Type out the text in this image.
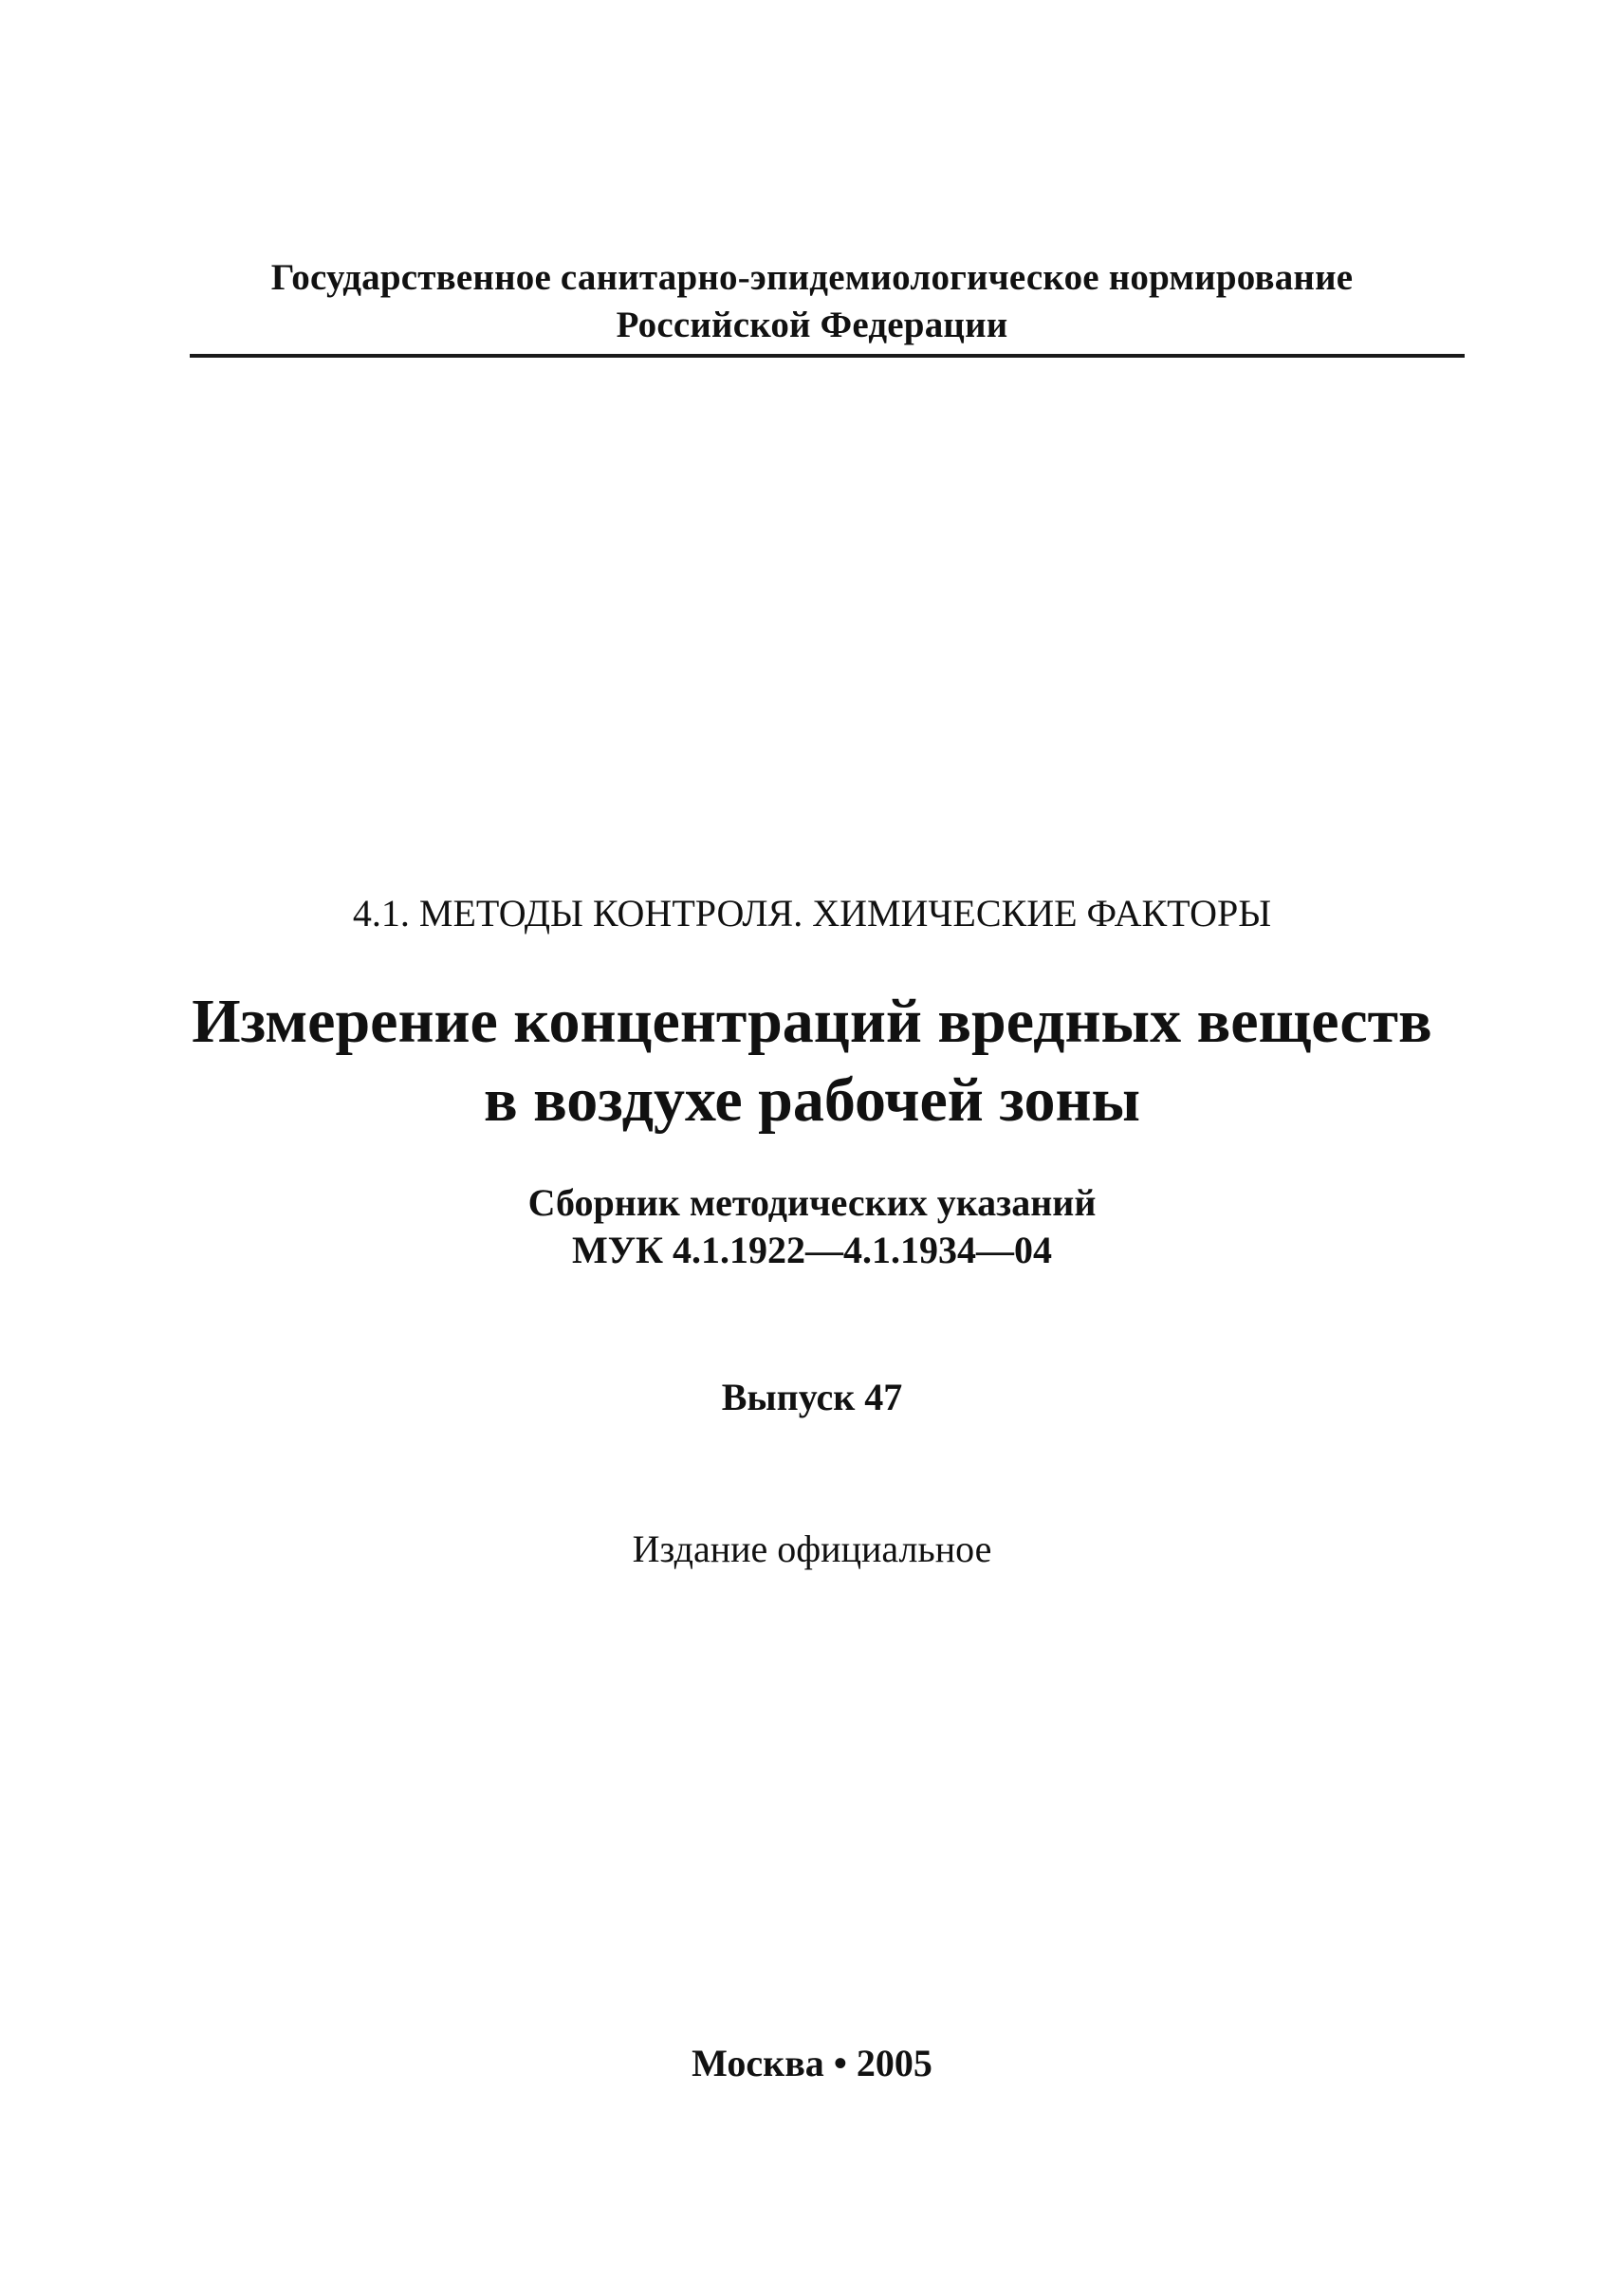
Государственное санитарно-эпидемиологическое нормирование
Российской Федерации
4.1. МЕТОДЫ КОНТРОЛЯ. ХИМИЧЕСКИЕ ФАКТОРЫ
Измерение концентраций вредных веществ
в воздухе рабочей зоны
Сборник методических указаний
МУК 4.1.1922—4.1.1934—04
Выпуск 47
Издание официальное
Москва • 2005
